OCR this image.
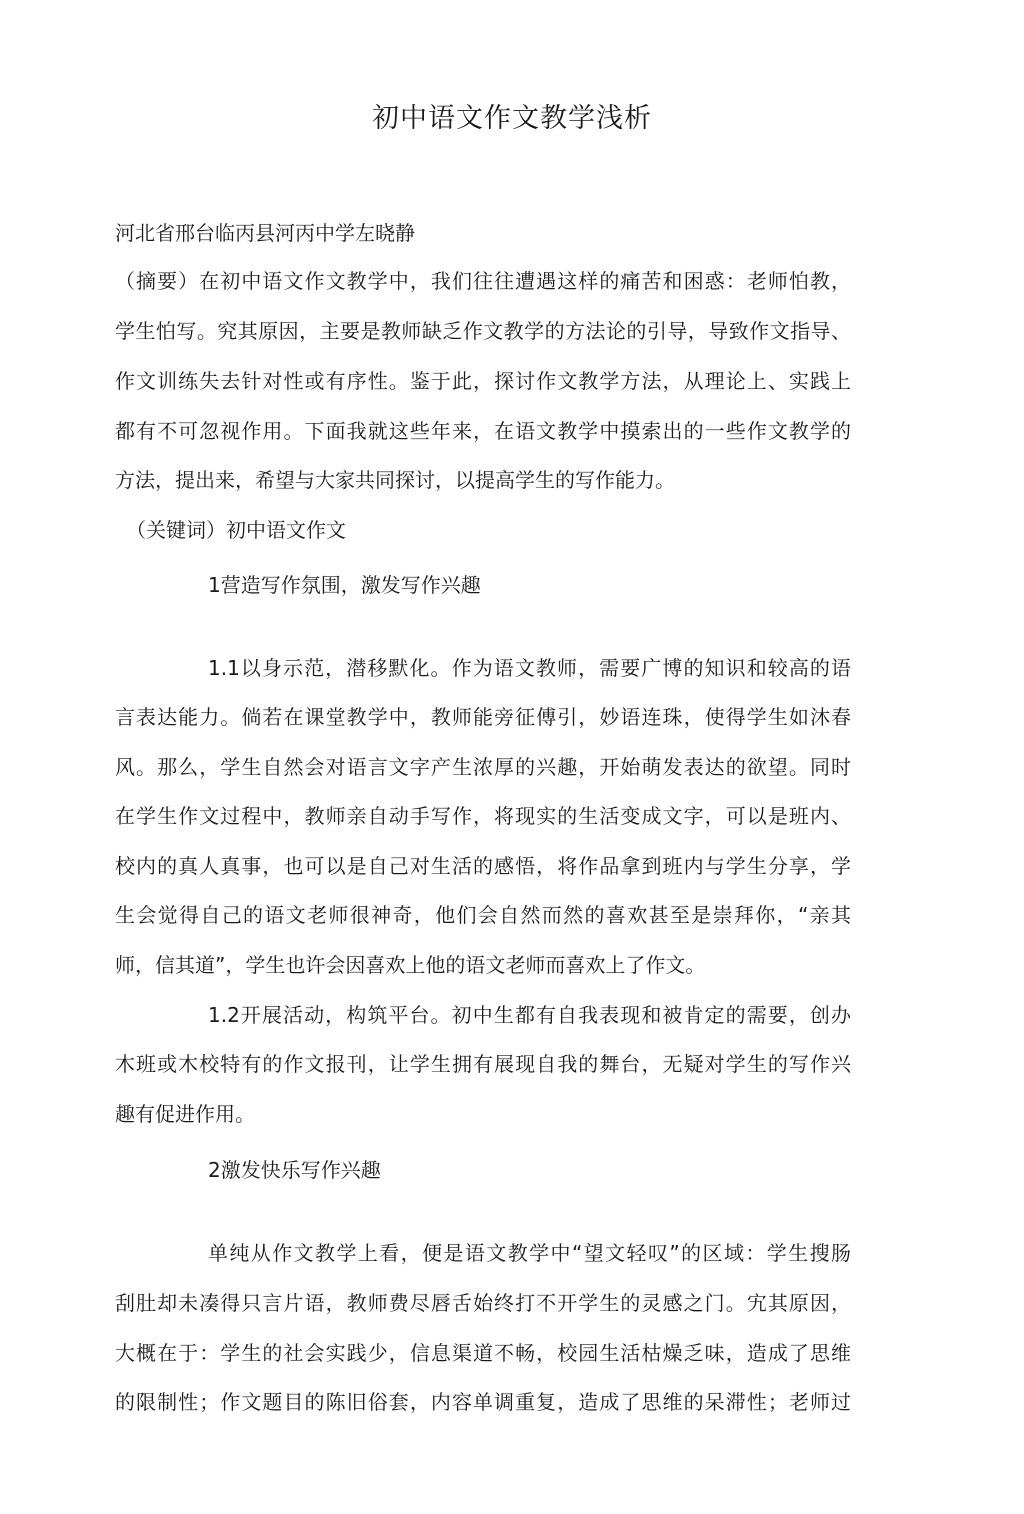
初中语文作文教学浅析

河北省邢台临丙县河丙中学左晓静

（摘要）在初中语文作文教学中，我们往往遭遇这样的痛苦和困惑：老师怕教，

学生怕写。究其原因，主要是教师缺乏作文教学的方法论的引导，导致作文指导、

作文训练失去针对性或有序性。鉴于此，探讨作文教学方法，从理论上、实践上

都有不可忽视作用。下面我就这些年来，在语文教学中摸索出的一些作文教学的

方法，提出来，希望与大家共同探讨，以提高学生的写作能力。

（关键词）初中语文作文

1营造写作氛围，激发写作兴趣

1.1以身示范，潜移默化。作为语文教师，需要广博的知识和较高的语

言表达能力。倘若在课堂教学中，教师能旁征傅引，妙语连珠，使得学生如沐春

风。那么，学生自然会对语言文字产生浓厚的兴趣，开始萌发表达的欲望。同时

在学生作文过程中，教师亲自动手写作，将现实的生活变成文字，可以是班内、

校内的真人真事，也可以是自己对生活的感悟，将作品拿到班内与学生分享，学

生会觉得自己的语文老师很神奇，他们会自然而然的喜欢甚至是崇拜你，“亲其

师，信其道”，学生也许会因喜欢上他的语文老师而喜欢上了作文。

1.2开展活动，构筑平台。初中生都有自我表现和被肯定的需要，创办

木班或木校特有的作文报刊，让学生拥有展现自我的舞台，无疑对学生的写作兴

趣有促进作用。

2激发快乐写作兴趣

单纯从作文教学上看，便是语文教学中“望文轻叹”的区域：学生搜肠

刮肚却未凑得只言片语，教师费尽唇舌始终打不开学生的灵感之门。宄其原因，

大概在于：学生的社会实践少，信息渠道不畅，校园生活枯燥乏味，造成了思维

的限制性；作文题目的陈旧俗套，内容单调重复，造成了思维的呆滞性；老师过
